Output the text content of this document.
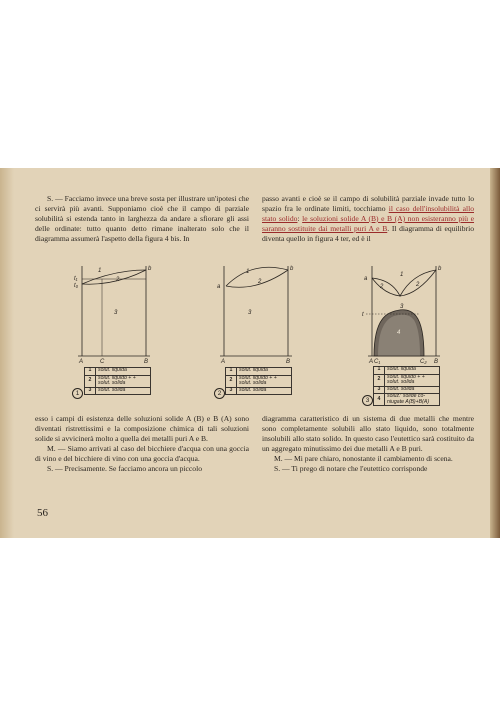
S. — Facciamo invece una breve sosta per illustrare un'ipotesi che ci servirà più avanti. Supponiamo cioè che il campo di parziale solubilità si estenda tanto in larghezza da andare a sfiorare gli assi delle ordinate: tutto quanto detto rimane inalterato solo che il diagramma assumerà l'aspetto della figura 4 bis. In

passo avanti e cioè se il campo di solubilità parziale invade tutto lo spazio fra le ordinate limiti, tocchiamo il caso dell'insolubilità allo stato solido: le soluzioni solide A (B) e B (A) non esisteranno più e saranno sostituite dai metalli puri A e B. Il diagramma di equilibrio diventa quello in figura 4 ter, ed è il

t₁
t₀
b
1
2
3
A	C	B
1
1	solut. liquida
2	solut. liquido + + solut. solida
3	solut. solida
a
b
1
2
3
A	B
2
1	solut. liquida
2	solut. liquido + + solut. solida
3	solut. solida
a
b
1
2	2
3
4
t
A C₁	C₂ B
3
1	solut. liquida
2	solut. liquido + + solut. solida
3	solut. solida
4	soluz.ⁱ solide co- niugate A(B)+B(A)

esso i campi di esistenza delle soluzioni solide A (B) e B (A) sono diventati ristrettissimi e la composizione chimica di tali soluzioni solide si avvicinerà molto a quella dei metalli puri A e B.

M. — Siamo arrivati al caso del bicchiere d'acqua con una goccia di vino e del bicchiere di vino con una goccia d'acqua.

S. — Precisamente. Se facciamo ancora un piccolo

diagramma caratteristico di un sistema di due metalli che mentre sono completamente solubili allo stato liquido, sono totalmente insolubili allo stato solido. In questo caso l'eutettico sarà costituito da un aggregato minutissimo dei due metalli A e B puri.

M. — Mi pare chiaro, nonostante il cambiamento di scena.

S. — Ti prego di notare che l'eutettico corrisponde

56
